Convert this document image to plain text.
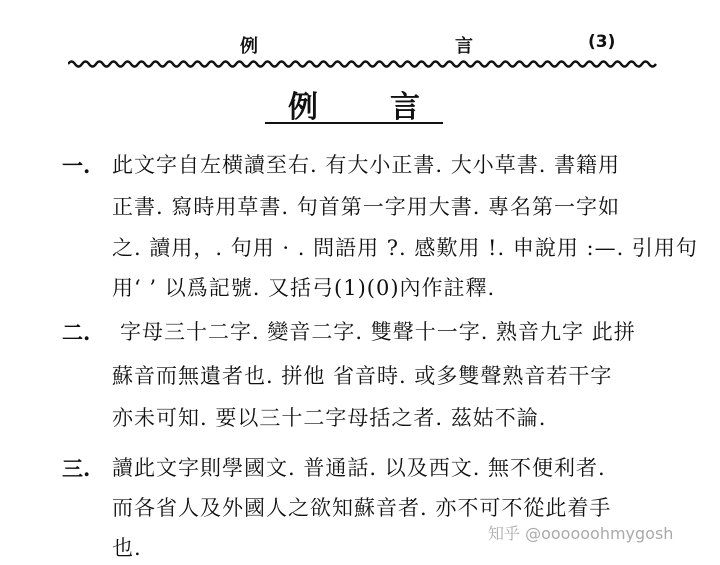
例	言	(3)
例 言
一. 此文字自左横讀至右. 有大小正書. 大小草書. 書籍用
正書. 寫時用草書. 句首第一字用大書. 專名第一字如
之. 讀用，. 句用 · . 問語用 ?. 感歎用 !. 申說用 :—. 引用句
用‘ ’ 以爲記號. 又括弓(1)(0)內作註釋.
二. 字母三十二字. 變音二字. 雙聲十一字. 熟音九字 此拼
蘇音而無遺者也. 拼他 省音時. 或多雙聲熟音若干字
亦未可知. 要以三十二字母括之者. 茲姑不論.
三. 讀此文字則學國文. 普通話. 以及西文. 無不便利者.
而各省人及外國人之欲知蘇音者. 亦不可不從此着手
也.
知乎 @oooooohmygosh
